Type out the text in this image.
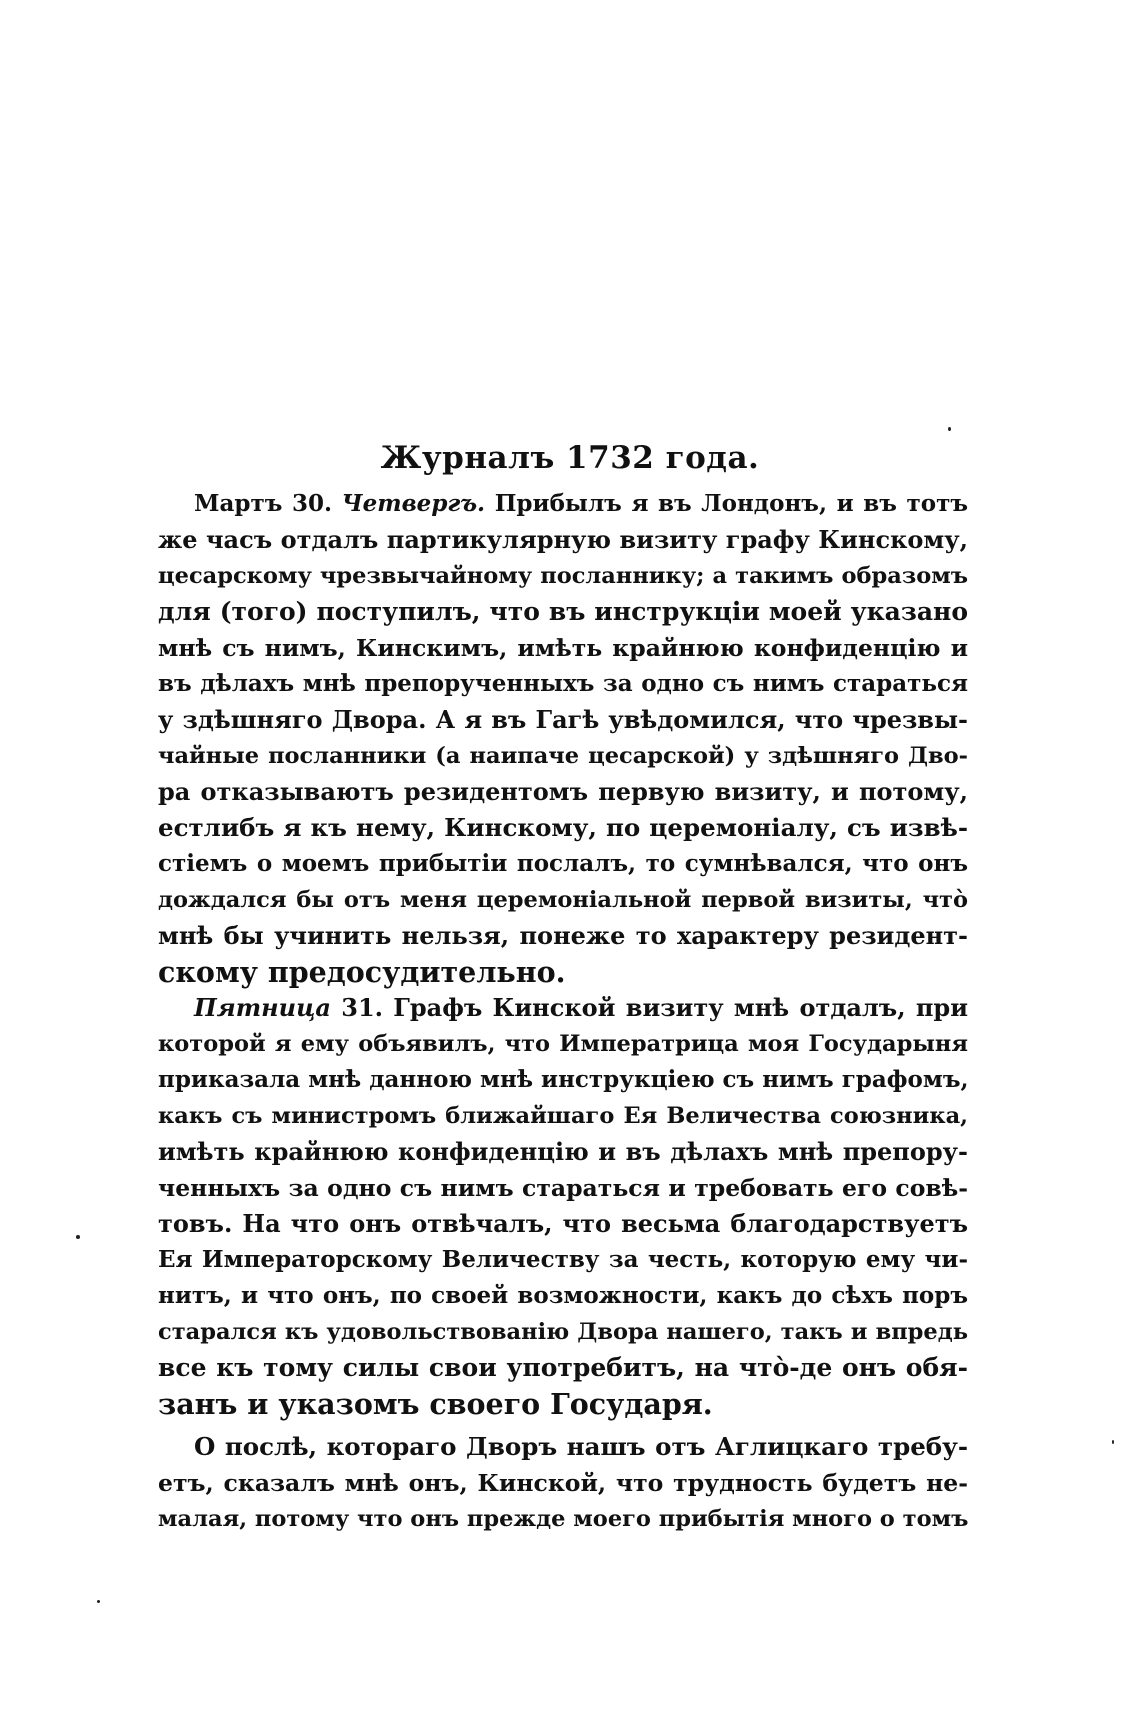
Журналъ 1732 года.
Мартъ 30. Четвергъ. Прибылъ я въ Лондонъ, и въ тотъ
же часъ отдалъ партикулярную визиту графу Кинскому,
цесарскому чрезвычайному посланнику; а такимъ образомъ
для (того) поступилъ, что въ инструкціи моей указано
мнѣ съ нимъ, Кинскимъ, имѣть крайнюю конфиденцію и
въ дѣлахъ мнѣ препорученныхъ за одно съ нимъ стараться
у здѣшняго Двора. А я въ Гагѣ увѣдомился, что чрезвы-
чайные посланники (а наипаче цесарской) у здѣшняго Дво-
ра отказываютъ резидентомъ первую визиту, и потому,
естлибъ я къ нему, Кинскому, по церемоніалу, съ извѣ-
стіемъ о моемъ прибытіи послалъ, то сумнѣвался, что онъ
дождался бы отъ меня церемоніальной первой визиты, что̀
мнѣ бы учинить нельзя, понеже то характеру резидент-
скому предосудительно.
Пятница 31. Графъ Кинской визиту мнѣ отдалъ, при
которой я ему объявилъ, что Императрица моя Государыня
приказала мнѣ данною мнѣ инструкціею съ нимъ графомъ,
какъ съ министромъ ближайшаго Ея Величества союзника,
имѣть крайнюю конфиденцію и въ дѣлахъ мнѣ препору-
ченныхъ за одно съ нимъ стараться и требовать его совѣ-
товъ. На что онъ отвѣчалъ, что весьма благодарствуетъ
Ея Императорскому Величеству за честь, которую ему чи-
нитъ, и что онъ, по своей возможности, какъ до сѣхъ поръ
старался къ удовольствованію Двора нашего, такъ и впредь
все къ тому силы свои употребитъ, на что̀-де онъ обя-
занъ и указомъ своего Государя.
О послѣ, котораго Дворъ нашъ отъ Аглицкаго требу-
етъ, сказалъ мнѣ онъ, Кинской, что трудность будетъ не-
малая, потому что онъ прежде моего прибытія много о томъ
